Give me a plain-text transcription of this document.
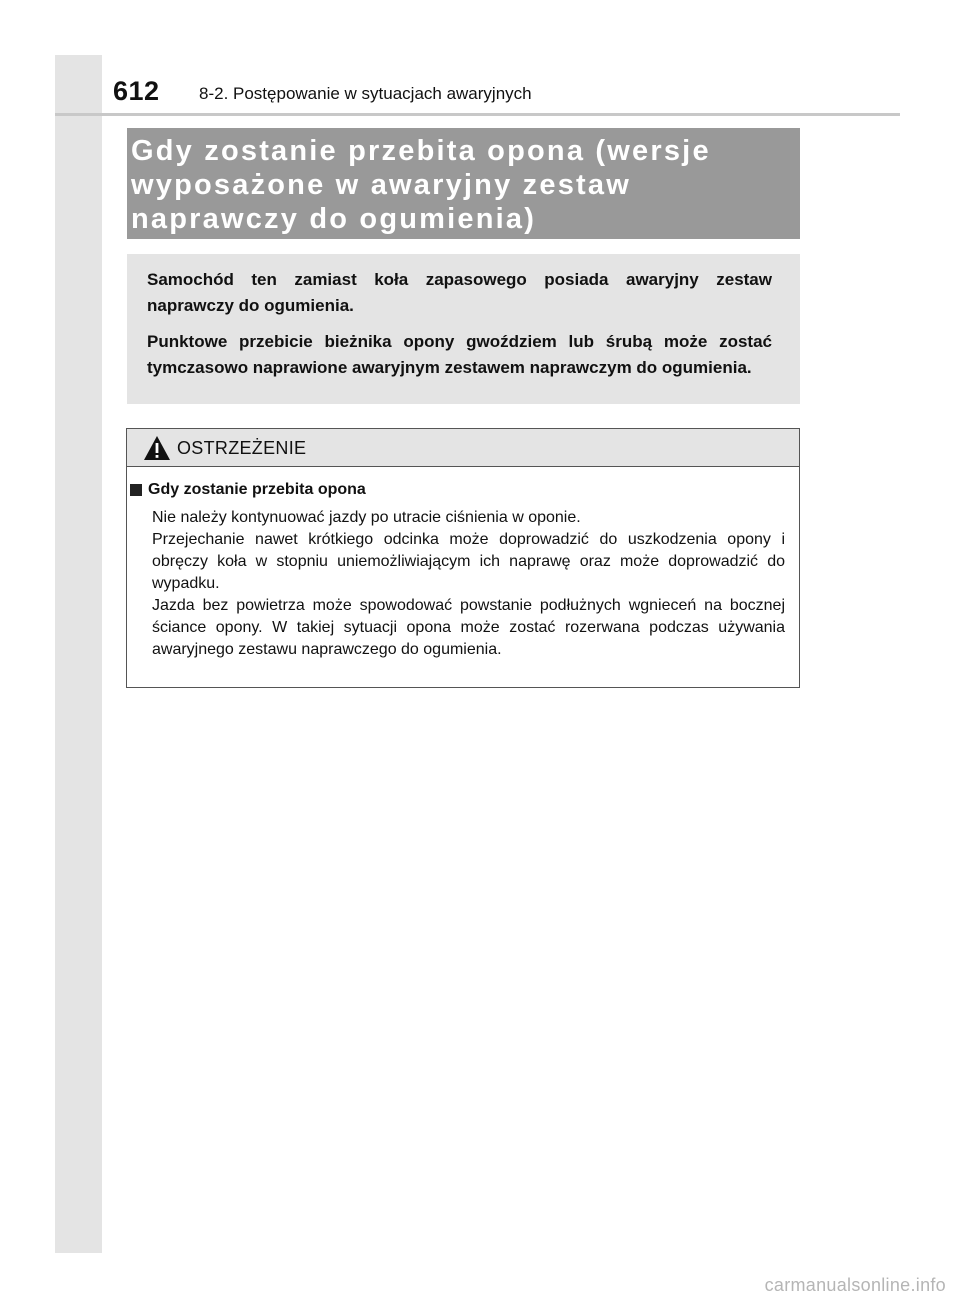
612 8-2. Postępowanie w sytuacjach awaryjnych
Gdy zostanie przebita opona (wersje wyposażone w awaryjny zestaw naprawczy do ogumienia)

Samochód ten zamiast koła zapasowego posiada awaryjny zestaw naprawczy do ogumienia.

Punktowe przebicie bieżnika opony gwoździem lub śrubą może zostać tymczasowo naprawione awaryjnym zestawem naprawczym do ogumienia.

OSTRZEŻENIE
Gdy zostanie przebita opona

Nie należy kontynuować jazdy po utracie ciśnienia w oponie.
Przejechanie nawet krótkiego odcinka może doprowadzić do uszkodzenia opony i obręczy koła w stopniu uniemożliwiającym ich naprawę oraz może doprowadzić do wypadku.
Jazda bez powietrza może spowodować powstanie podłużnych wgnieceń na bocznej ściance opony. W takiej sytuacji opona może zostać rozerwana podczas używania awaryjnego zestawu naprawczego do ogumienia.

carmanualsonline.info
